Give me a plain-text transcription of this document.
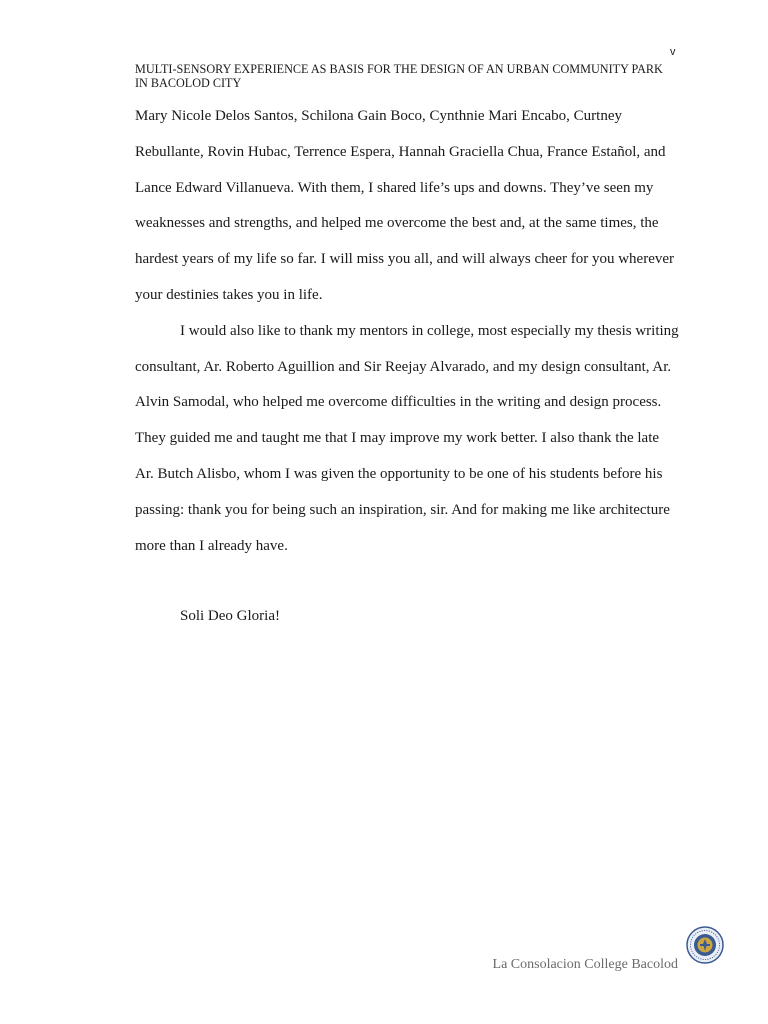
v
MULTI-SENSORY EXPERIENCE AS BASIS FOR THE DESIGN OF AN URBAN COMMUNITY PARK IN BACOLOD CITY

Mary Nicole Delos Santos, Schilona Gain Boco, Cynthnie Mari Encabo, Curtney Rebullante, Rovin Hubac, Terrence Espera, Hannah Graciella Chua, France Estañol, and Lance Edward Villanueva. With them, I shared life’s ups and downs. They’ve seen my weaknesses and strengths, and helped me overcome the best and, at the same times, the hardest years of my life so far. I will miss you all, and will always cheer for you wherever your destinies takes you in life.

I would also like to thank my mentors in college, most especially my thesis writing consultant, Ar. Roberto Aguillion and Sir Reejay Alvarado, and my design consultant, Ar. Alvin Samodal, who helped me overcome difficulties in the writing and design process. They guided me and taught me that I may improve my work better. I also thank the late Ar. Butch Alisbo, whom I was given the opportunity to be one of his students before his passing: thank you for being such an inspiration, sir. And for making me like architecture more than I already have.

Soli Deo Gloria!
La Consolacion College Bacolod
